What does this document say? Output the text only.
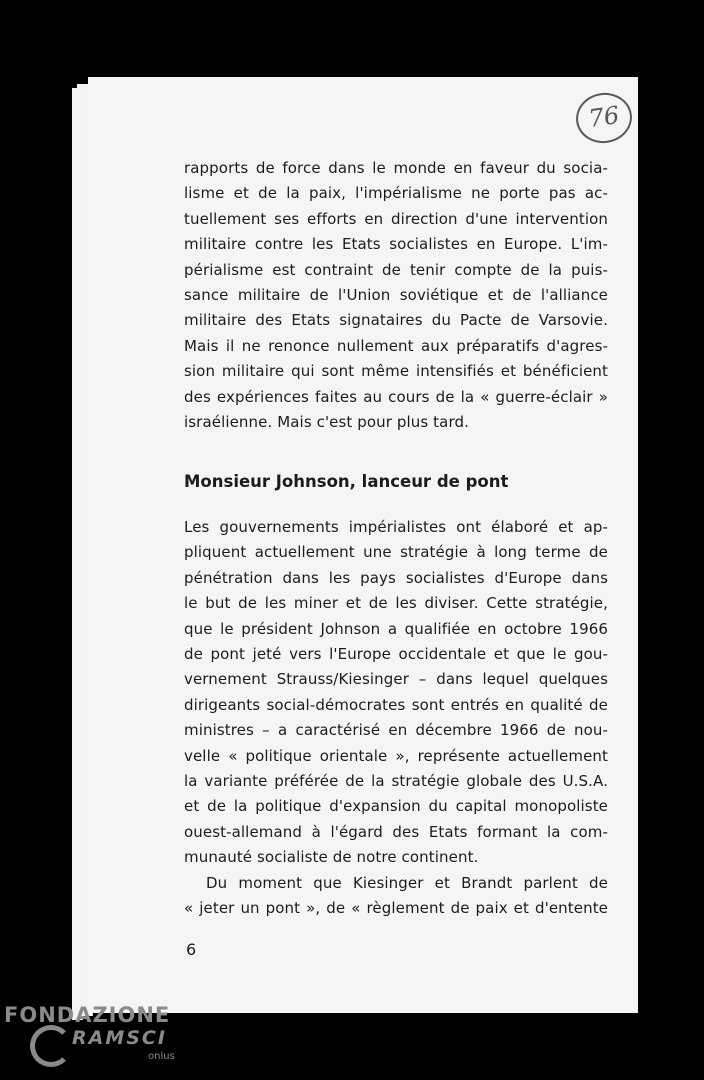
76
rapports de force dans le monde en faveur du socia-
lisme et de la paix, l'impérialisme ne porte pas ac-
tuellement ses efforts en direction d'une intervention
militaire contre les Etats socialistes en Europe. L'im-
périalisme est contraint de tenir compte de la puis-
sance militaire de l'Union soviétique et de l'alliance
militaire des Etats signataires du Pacte de Varsovie.
Mais il ne renonce nullement aux préparatifs d'agres-
sion militaire qui sont même intensifiés et bénéficient
des expériences faites au cours de la « guerre-éclair »
israélienne. Mais c'est pour plus tard.
Monsieur Johnson, lanceur de pont
Les gouvernements impérialistes ont élaboré et ap-
pliquent actuellement une stratégie à long terme de
pénétration dans les pays socialistes d'Europe dans
le but de les miner et de les diviser. Cette stratégie,
que le président Johnson a qualifiée en octobre 1966
de pont jeté vers l'Europe occidentale et que le gou-
vernement Strauss/Kiesinger – dans lequel quelques
dirigeants social-démocrates sont entrés en qualité de
ministres – a caractérisé en décembre 1966 de nou-
velle « politique orientale », représente actuellement
la variante préférée de la stratégie globale des U.S.A.
et de la politique d'expansion du capital monopoliste
ouest-allemand à l'égard des Etats formant la com-
munauté socialiste de notre continent.
Du moment que Kiesinger et Brandt parlent de
« jeter un pont », de « règlement de paix et d'entente
6
FONDAZIONE
RAMSCI
onlus
